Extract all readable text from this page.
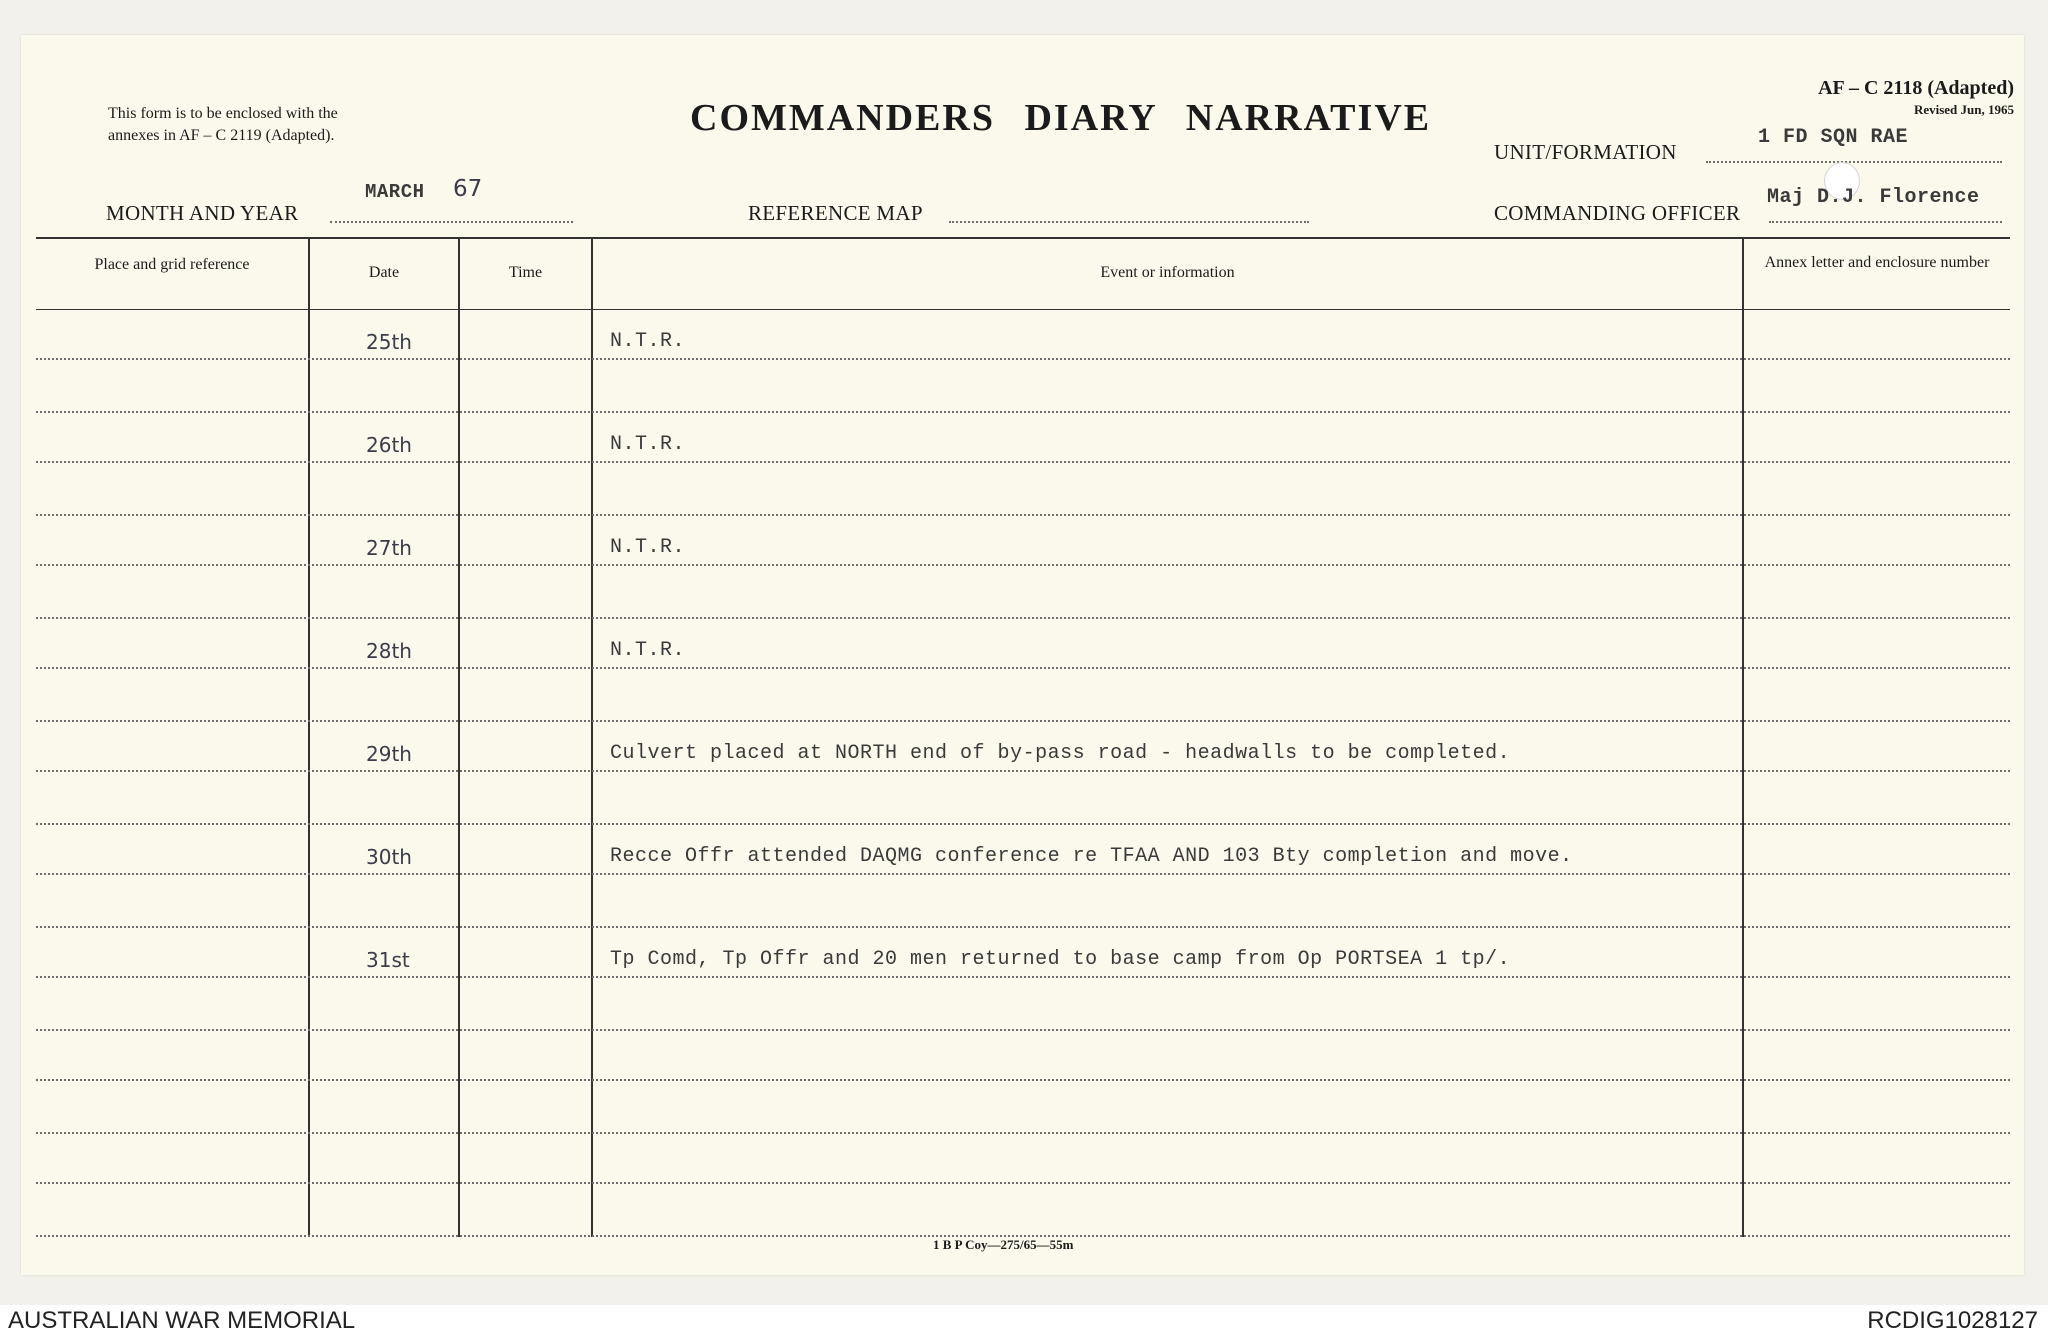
This form is to be enclosed with the
annexes in AF – C 2119 (Adapted).	COMMANDERS DIARY NARRATIVE
AF – C 2118 (Adapted)
Revised Jun, 1965
UNIT/FORMATION
1 FD SQN RAE
MONTH AND YEAR
MARCH 67
REFERENCE MAP	COMMANDING OFFICER
Maj D.J. Florence
Place and grid reference	Date	Time	Event or information
Annex letter and enclosure number
25th	N.T.R.
26th	N.T.R.
27th	N.T.R.
28th	N.T.R.
29th	Culvert placed at NORTH end of by-pass road - headwalls to be completed.
30th	Recce Offr attended DAQMG conference re TFAA AND 103 Bty completion and move.
31st	Tp Comd, Tp Offr and 20 men returned to base camp from Op PORTSEA 1 tp/.
1 B P Coy—275/65—55m
AUSTRALIAN WAR MEMORIAL	RCDIG1028127
